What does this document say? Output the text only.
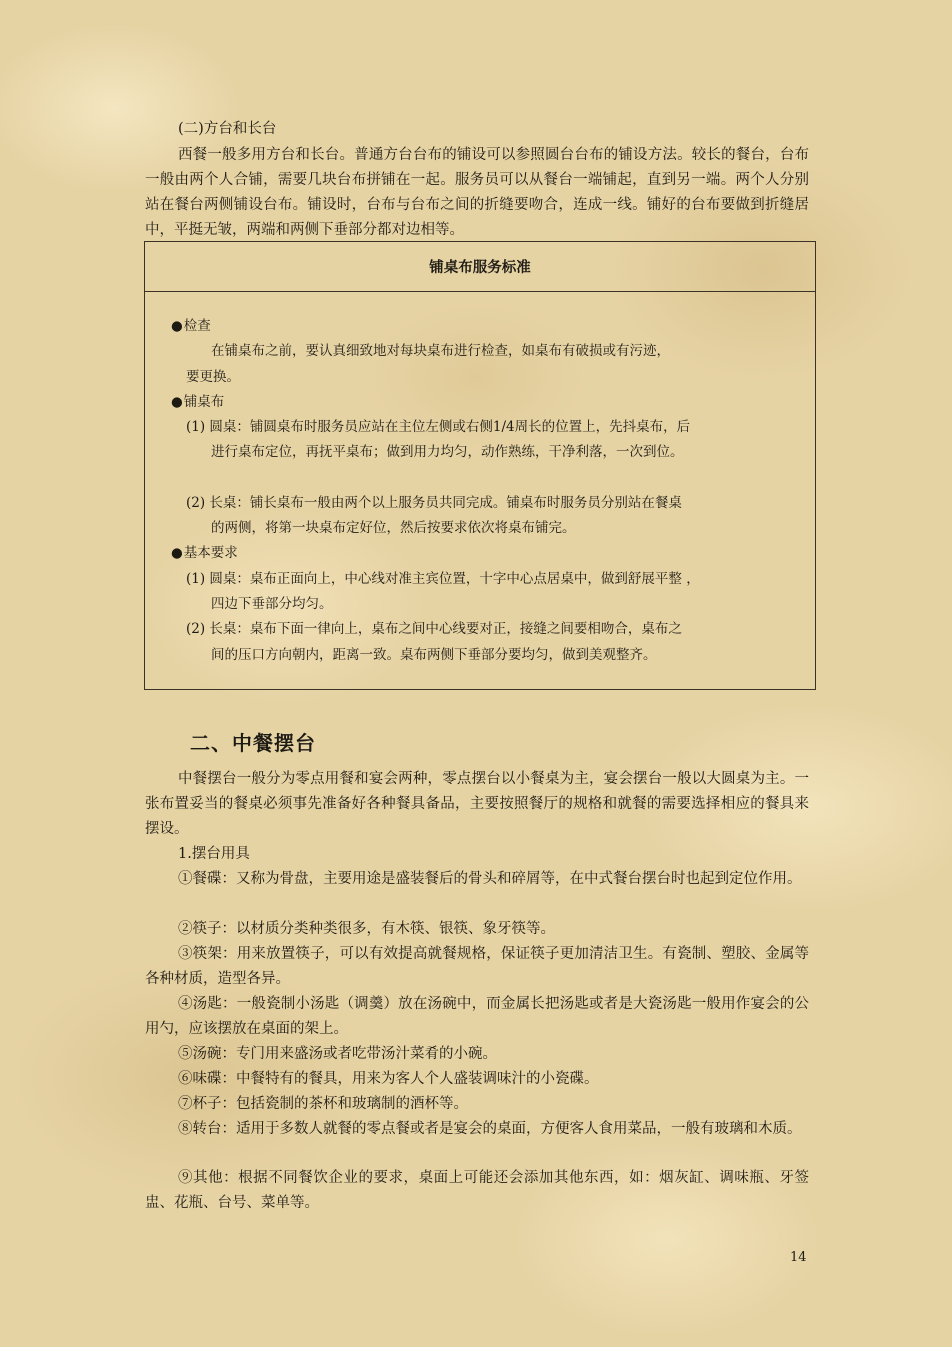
(二)方台和长台
西餐一般多用方台和长台。普通方台台布的铺设可以参照圆台台布的铺设方法。较长的餐台，台布一般由两个人合铺，需要几块台布拼铺在一起。服务员可以从餐台一端铺起，直到另一端。两个人分别站在餐台两侧铺设台布。铺设时，台布与台布之间的折缝要吻合，连成一线。铺好的台布要做到折缝居中，平挺无皱，两端和两侧下垂部分都对边相等。
铺桌布服务标准
● 检查
在铺桌布之前，要认真细致地对每块桌布进行检查，如桌布有破损或有污迹，
要更换。
● 铺桌布
(1) 圆桌：铺圆桌布时服务员应站在主位左侧或右侧1/4周长的位置上，先抖桌布，后
进行桌布定位，再抚平桌布；做到用力均匀，动作熟练，干净利落，一次到位。
(2) 长桌：铺长桌布一般由两个以上服务员共同完成。铺桌布时服务员分别站在餐桌
的两侧，将第一块桌布定好位，然后按要求依次将桌布铺完。
● 基本要求
(1) 圆桌：桌布正面向上，中心线对准主宾位置，十字中心点居桌中，做到舒展平整 ，
四边下垂部分均匀。
(2) 长桌：桌布下面一律向上，桌布之间中心线要对正，接缝之间要相吻合，桌布之
间的压口方向朝内，距离一致。桌布两侧下垂部分要均匀，做到美观整齐。
二、中餐摆台
中餐摆台一般分为零点用餐和宴会两种，零点摆台以小餐桌为主，宴会摆台一般以大圆桌为主。一张布置妥当的餐桌必须事先准备好各种餐具备品，主要按照餐厅的规格和就餐的需要选择相应的餐具来摆设。
1.摆台用具
①餐碟：又称为骨盘，主要用途是盛装餐后的骨头和碎屑等，在中式餐台摆台时也起到定位作用。
②筷子：以材质分类种类很多，有木筷、银筷、象牙筷等。
③筷架：用来放置筷子，可以有效提高就餐规格，保证筷子更加清洁卫生。有瓷制、塑胶、金属等各种材质，造型各异。
④汤匙：一般瓷制小汤匙（调羹）放在汤碗中，而金属长把汤匙或者是大瓷汤匙一般用作宴会的公用勺，应该摆放在桌面的架上。
⑤汤碗：专门用来盛汤或者吃带汤汁菜肴的小碗。
⑥味碟：中餐特有的餐具，用来为客人个人盛装调味汁的小瓷碟。
⑦杯子：包括瓷制的茶杯和玻璃制的酒杯等。
⑧转台：适用于多数人就餐的零点餐或者是宴会的桌面，方便客人食用菜品，一般有玻璃和木质。
⑨其他：根据不同餐饮企业的要求，桌面上可能还会添加其他东西，如：烟灰缸、调味瓶、牙签盅、花瓶、台号、菜单等。
14
